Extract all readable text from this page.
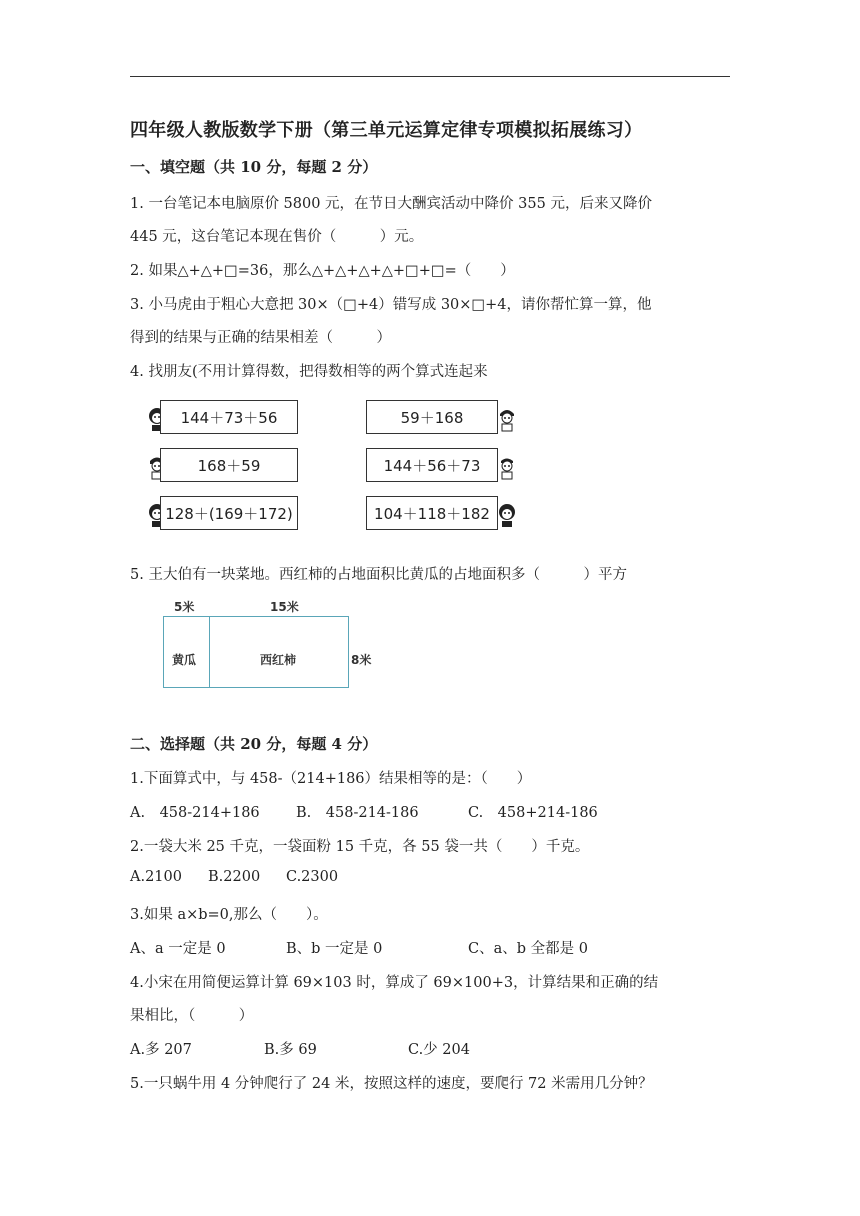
四年级人教版数学下册（第三单元运算定律专项模拟拓展练习）
一、填空题（共 10 分，每题 2 分）
1. 一台笔记本电脑原价 5800 元，在节日大酬宾活动中降价 355 元，后来又降价
445 元，这台笔记本现在售价（　　　）元。
2. 如果△+△+□=36，那么△+△+△+△+□+□=（　　）
3. 小马虎由于粗心大意把 30×（□+4）错写成 30×□+4，请你帮忙算一算，他
得到的结果与正确的结果相差（　　　）
4. 找朋友(不用计算得数，把得数相等的两个算式连起来
144＋73＋56
168＋59
128＋(169＋172)
59＋168
144＋56＋73
104＋118＋182
5. 王大伯有一块菜地。西红柿的占地面积比黄瓜的占地面积多（　　　）平方
5米	15米
黄瓜	西红柿	8米
二、选择题（共 20 分，每题 4 分）
1.下面算式中，与 458-（214+186）结果相等的是：（　　）
A.　458-214+186	B.　458-214-186	C.　458+214-186
2.一袋大米 25 千克，一袋面粉 15 千克，各 55 袋一共（　　）千克。
A.2100 B.2200 C.2300
3.如果 a×b=0,那么（　　）。
A、a 一定是 0	B、b 一定是 0	C、a、b 全都是 0
4.小宋在用简便运算计算 69×103 时，算成了 69×100+3，计算结果和正确的结
果相比，（　　　）
A.多 207	B.多 69	C.少 204
5.一只蜗牛用 4 分钟爬行了 24 米，按照这样的速度，要爬行 72 米需用几分钟？
